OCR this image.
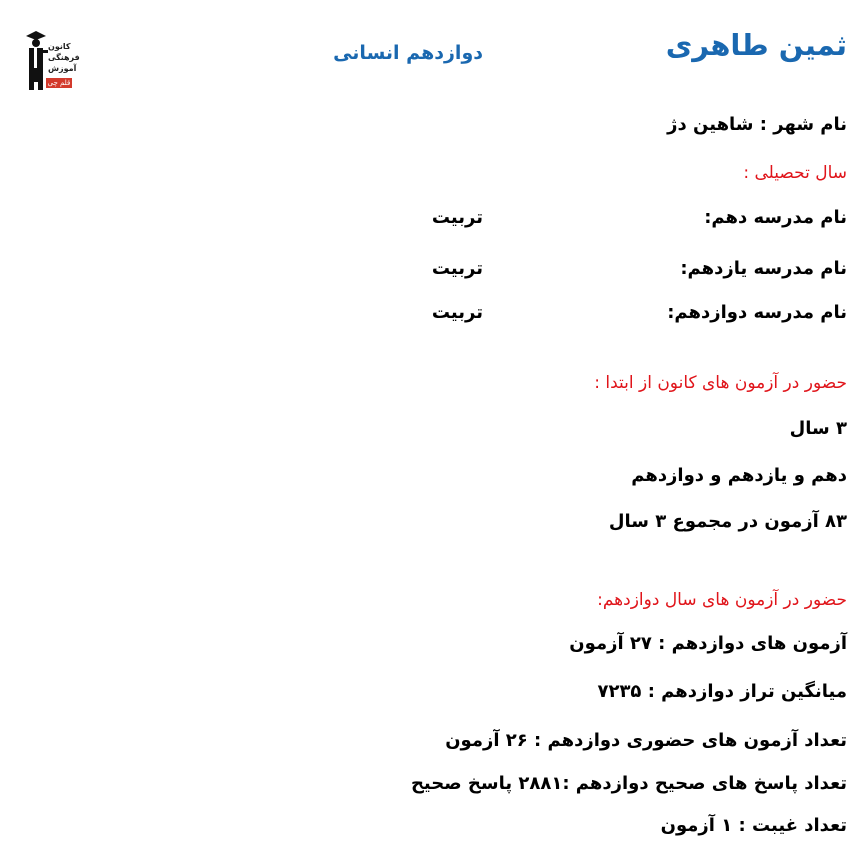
ثمین طاهری
دوازدهم انسانی
کانون
فرهنگی
آموزش
قلم چی
نام شهر : شاهین دژ
سال تحصیلی :
نام مدرسه دهم:
تربیت
نام مدرسه یازدهم:
تربیت
نام مدرسه دوازدهم:
تربیت
حضور در آزمون های کانون از ابتدا :
۳ سال
دهم و یازدهم و دوازدهم
۸۳ آزمون در مجموع ۳ سال
حضور در آزمون های سال دوازدهم:
آزمون های دوازدهم : ۲۷ آزمون
میانگین تراز دوازدهم : ۷۲۳۵
تعداد آزمون های حضوری دوازدهم : ۲۶ آزمون
تعداد پاسخ های صحیح دوازدهم :۲۸۸۱ پاسخ صحیح
تعداد غیبت : ۱ آزمون
